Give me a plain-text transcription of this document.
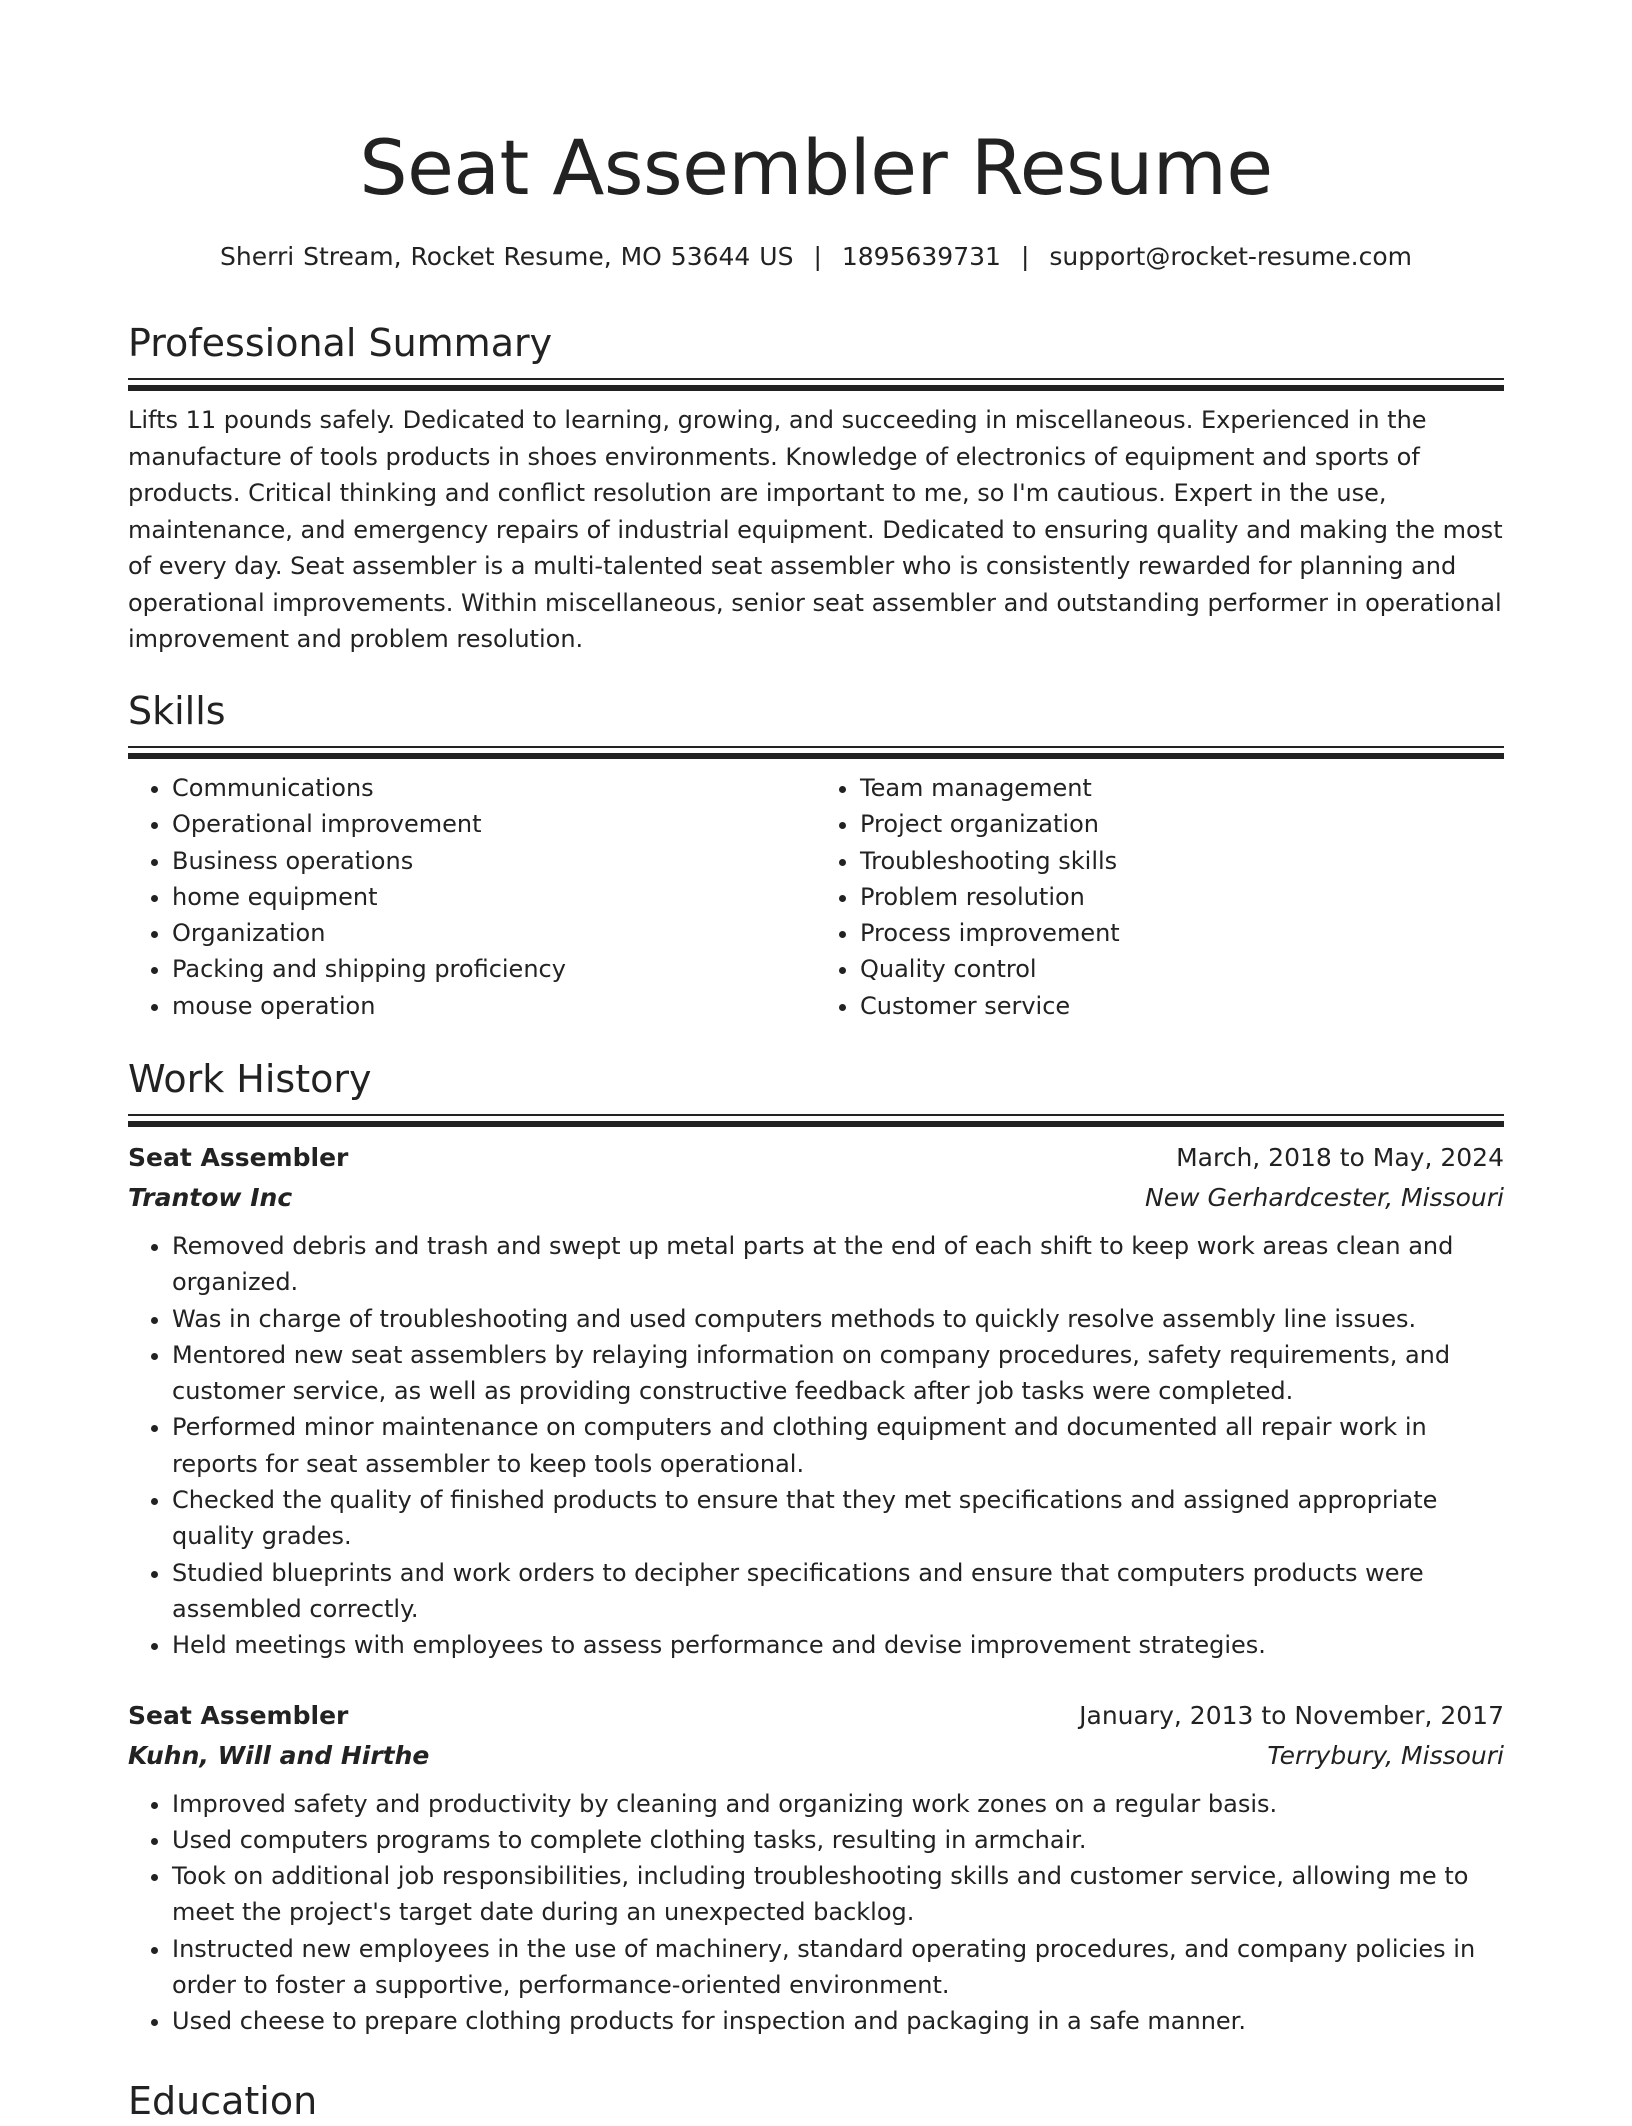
Seat Assembler Resume
Sherri Stream, Rocket Resume, MO 53644 US | 1895639731 | support@rocket-resume.com
Professional Summary

Lifts 11 pounds safely. Dedicated to learning, growing, and succeeding in miscellaneous. Experienced in the manufacture of tools products in shoes environments. Knowledge of electronics of equipment and sports of products. Critical thinking and conflict resolution are important to me, so I'm cautious. Expert in the use, maintenance, and emergency repairs of industrial equipment. Dedicated to ensuring quality and making the most of every day. Seat assembler is a multi-talented seat assembler who is consistently rewarded for planning and operational improvements. Within miscellaneous, senior seat assembler and outstanding performer in operational improvement and problem resolution.

Skills
• Communications
• Operational improvement
• Business operations
• home equipment
• Organization
• Packing and shipping proficiency
• mouse operation
• Team management
• Project organization
• Troubleshooting skills
• Problem resolution
• Process improvement
• Quality control
• Customer service
Work History
Seat Assembler	March, 2018 to May, 2024
Trantow Inc	New Gerhardcester, Missouri
• Removed debris and trash and swept up metal parts at the end of each shift to keep work areas clean and organized.
• Was in charge of troubleshooting and used computers methods to quickly resolve assembly line issues.
• Mentored new seat assemblers by relaying information on company procedures, safety requirements, and customer service, as well as providing constructive feedback after job tasks were completed.
• Performed minor maintenance on computers and clothing equipment and documented all repair work in reports for seat assembler to keep tools operational.
• Checked the quality of finished products to ensure that they met specifications and assigned appropriate quality grades.
• Studied blueprints and work orders to decipher specifications and ensure that computers products were assembled correctly.
• Held meetings with employees to assess performance and devise improvement strategies.
Seat Assembler	January, 2013 to November, 2017
Kuhn, Will and Hirthe	Terrybury, Missouri
• Improved safety and productivity by cleaning and organizing work zones on a regular basis.
• Used computers programs to complete clothing tasks, resulting in armchair.
• Took on additional job responsibilities, including troubleshooting skills and customer service, allowing me to meet the project's target date during an unexpected backlog.
• Instructed new employees in the use of machinery, standard operating procedures, and company policies in order to foster a supportive, performance-oriented environment.
• Used cheese to prepare clothing products for inspection and packaging in a safe manner.
Education
